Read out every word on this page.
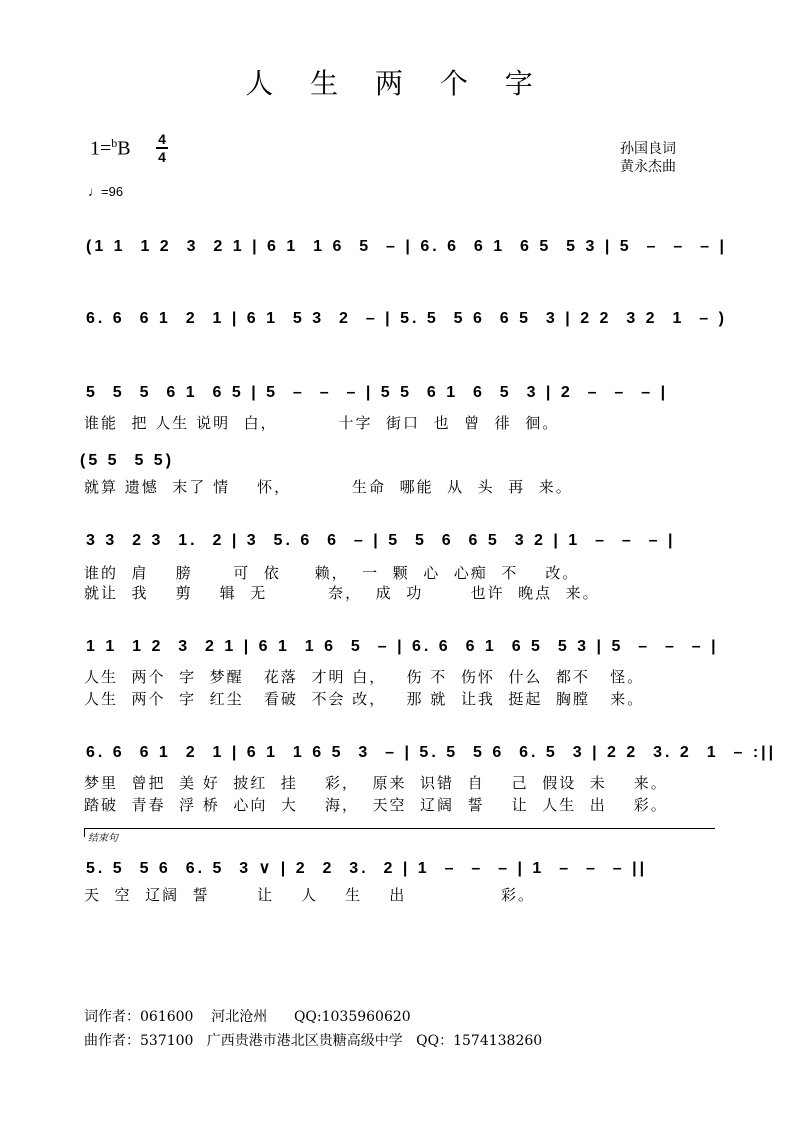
人 生 两 个 字
1=$^b$B 4
4	孙国良词
黄永杰曲
♩=96
(1 1  1 2  3  2 1 | 6 1  1 6  5  – | 6. 6  6 1  6 5  5 3 | 5  –  –  – |
6. 6  6 1  2  1 | 6 1  5 3  2  – | 5. 5  5 6  6 5  3 | 2 2  3 2  1  – )
5  5  5  6 1  6 5 | 5  –  –  – | 5 5  6 1  6  5  3 | 2  –  –  – |
谁能  把 人生 说明  白，         十字  街口  也  曾  徘  徊。
(5 5  5 5)
就算 遗憾  末了 情    怀，         生命  哪能  从  头  再  来。
3 3  2 3  1.  2 | 3  5. 6  6  – | 5  5  6  6 5  3 2 | 1  –  –  – |
谁的  肩    膀      可  依     赖，  一  颗  心  心痴  不    改。
就让  我    剪    辑  无         奈，  成  功       也许  晚点  来。
1 1  1 2  3  2 1 | 6 1  1 6  5  – | 6. 6  6 1  6 5  5 3 | 5  –  –  – |
人生  两个  字  梦醒   花落  才明 白，   伤 不  伤怀  什么  都不   怪。
人生  两个  字  红尘   看破  不会 改，   那 就  让我  挺起  胸膛   来。
6. 6  6 1  2  1 | 6 1  1 6 5  3  – | 5. 5  5 6  6. 5  3 | 2 2  3. 2  1  – :||
梦里  曾把  美 好  披红  挂    彩，  原来  识错  自    己  假设  未    来。
踏破  青春  浮 桥  心向  大    海，  天空  辽阔  誓    让  人生  出    彩。
结束句
5. 5  5 6  6. 5  3 ∨ | 2  2  3.  2 | 1  –  –  – | 1  –  –  – ||
天  空  辽阔  誓       让    人    生    出              彩。
词作者：061600    河北沧州      QQ:1035960620
曲作者：537100   广西贵港市港北区贵糖高级中学   QQ：1574138260
